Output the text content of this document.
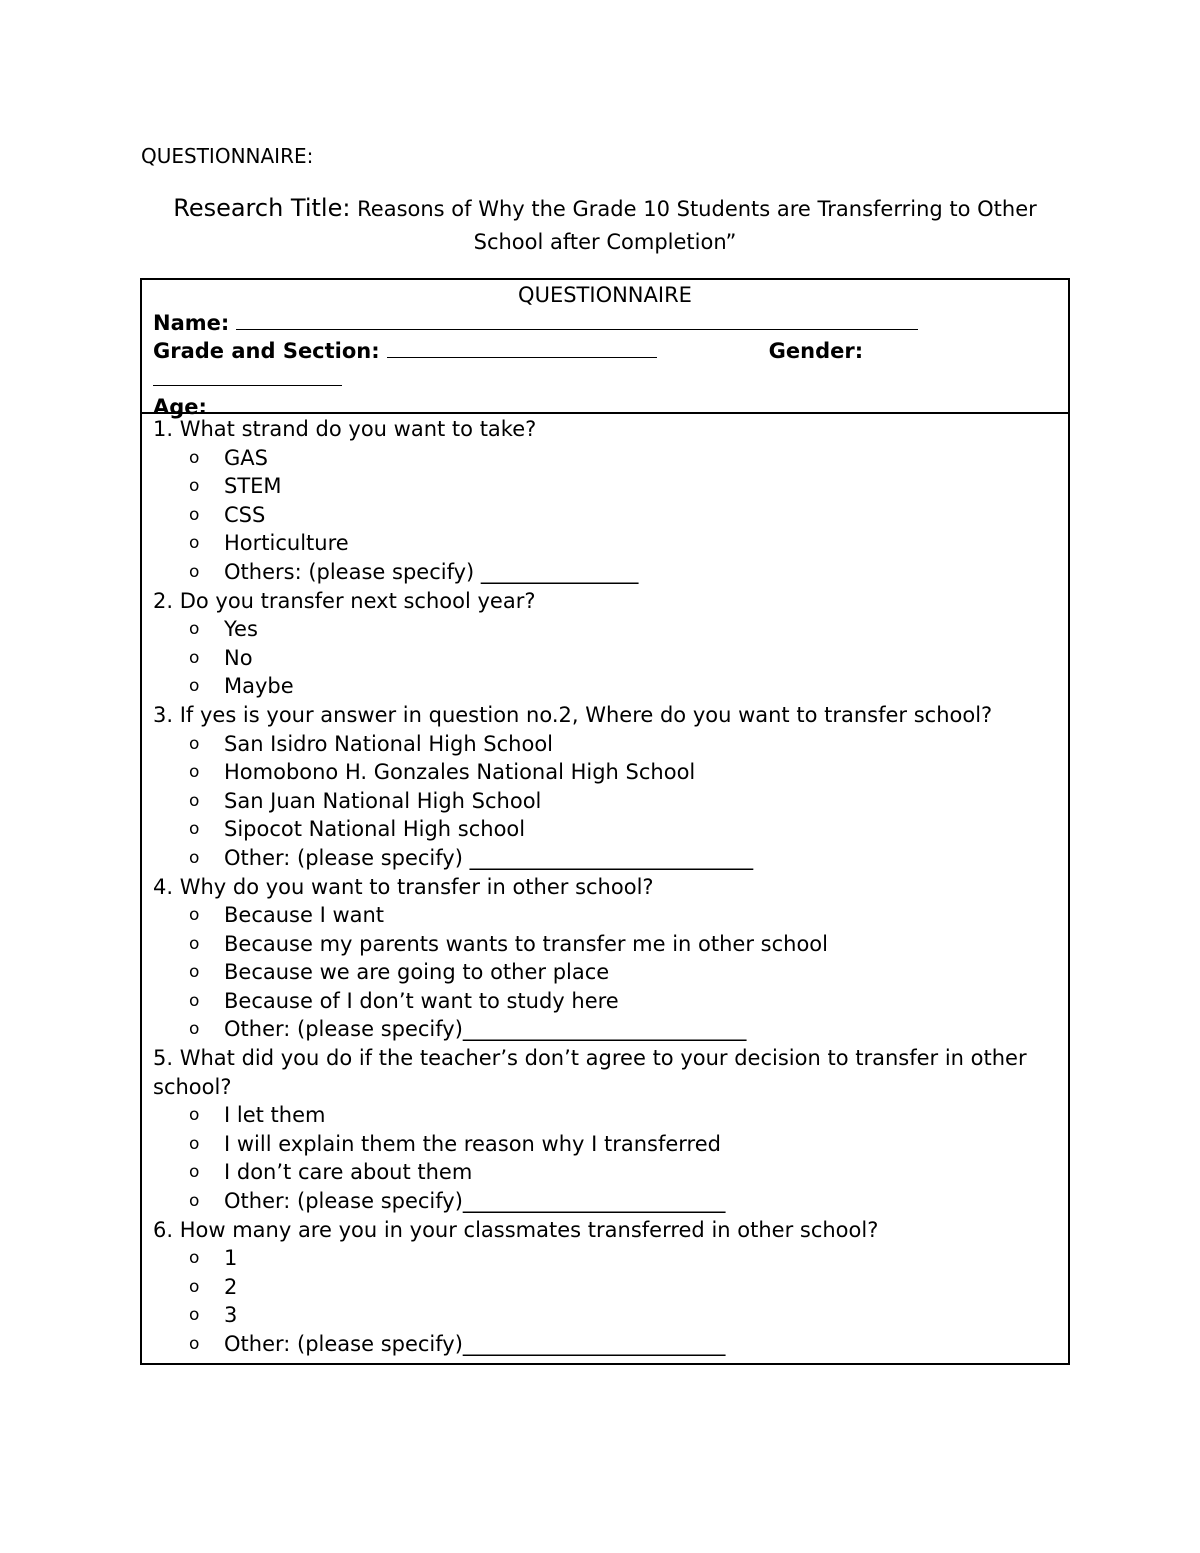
QUESTIONNAIRE:
Research Title: Reasons of Why the Grade 10 Students are Transferring to Other School after Completion”
QUESTIONNAIRE
Name:
Grade and Section:	Gender:
Age:

1. What strand do you want to take?

o GAS
o STEM
o CSS
o Horticulture
o Others: (please specify) _______________

2. Do you transfer next school year?

o Yes
o No
o Maybe

3. If yes is your answer in question no.2, Where do you want to transfer school?

o San Isidro National High School
o Homobono H. Gonzales National High School
o San Juan National High School
o Sipocot National High school
o Other: (please specify) ___________________________

4. Why do you want to transfer in other school?

o Because I want
o Because my parents wants to transfer me in other school
o Because we are going to other place
o Because of I don’t want to study here
o Other: (please specify)___________________________

5. What did you do if the teacher’s don’t agree to your decision to transfer in other school?

o I let them
o I will explain them the reason why I transferred
o I don’t care about them
o Other: (please specify)_________________________

6. How many are you in your classmates transferred in other school?

o 1
o 2
o 3
o Other: (please specify)_________________________
